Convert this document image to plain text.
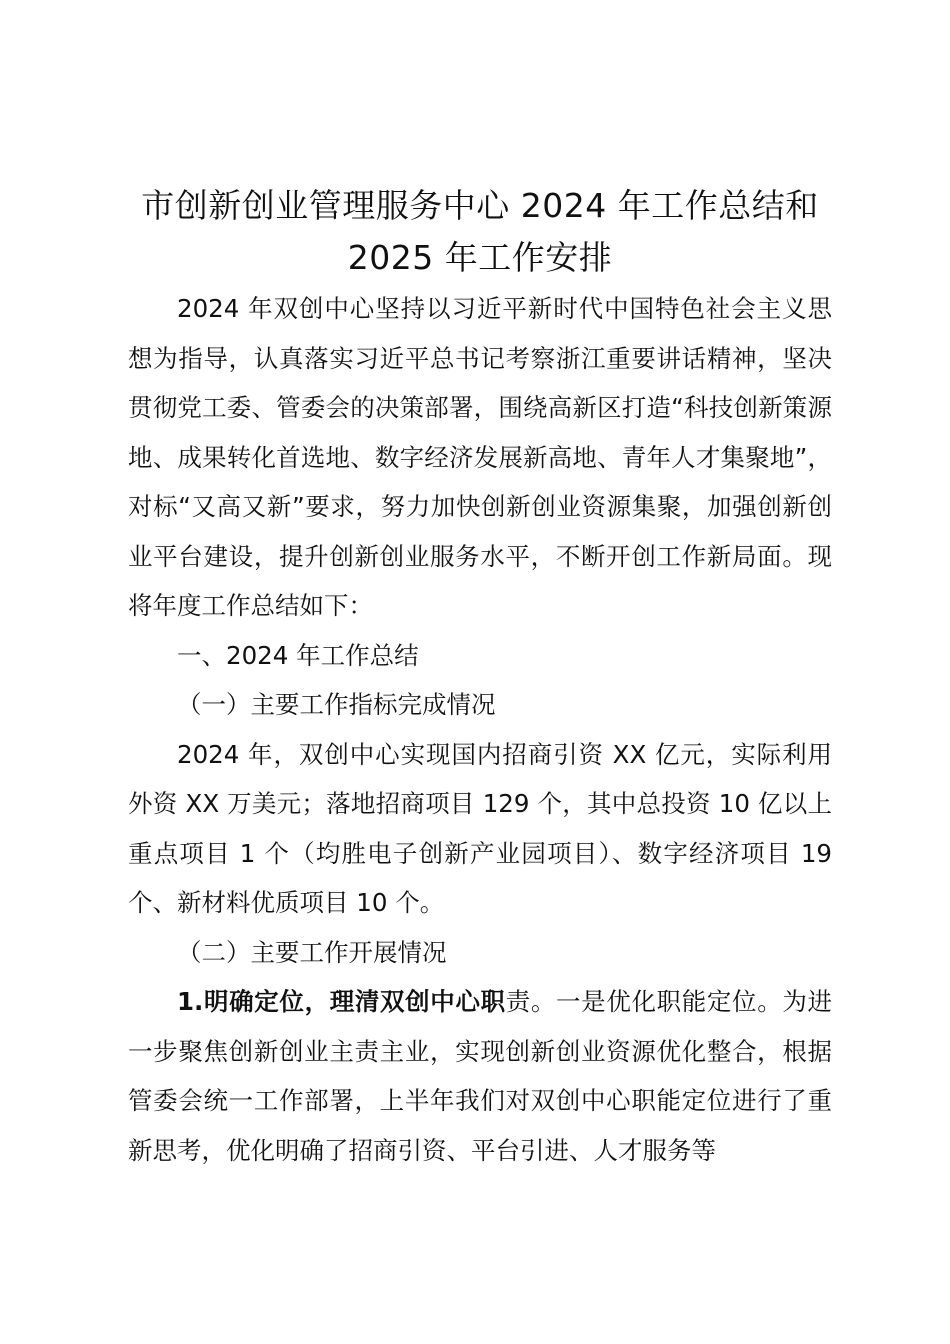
市创新创业管理服务中心 2024 年工作总结和
2025 年工作安排

2024 年双创中心坚持以习近平新时代中国特色社会主义思想为指导，认真落实习近平总书记考察浙江重要讲话精神，坚决贯彻党工委、管委会的决策部署，围绕高新区打造“科技创新策源地、成果转化首选地、数字经济发展新高地、青年人才集聚地”，对标“又高又新”要求，努力加快创新创业资源集聚，加强创新创业平台建设，提升创新创业服务水平，不断开创工作新局面。现将年度工作总结如下：

一、2024 年工作总结

（一）主要工作指标完成情况

2024 年，双创中心实现国内招商引资 XX 亿元，实际利用外资 XX 万美元；落地招商项目 129 个，其中总投资 10 亿以上重点项目 1 个（均胜电子创新产业园项目）、数字经济项目 19 个、新材料优质项目 10 个。

（二）主要工作开展情况

1.明确定位，理清双创中心职责。一是优化职能定位。为进一步聚焦创新创业主责主业，实现创新创业资源优化整合，根据管委会统一工作部署，上半年我们对双创中心职能定位进行了重新思考，优化明确了招商引资、平台引进、人才服务等
